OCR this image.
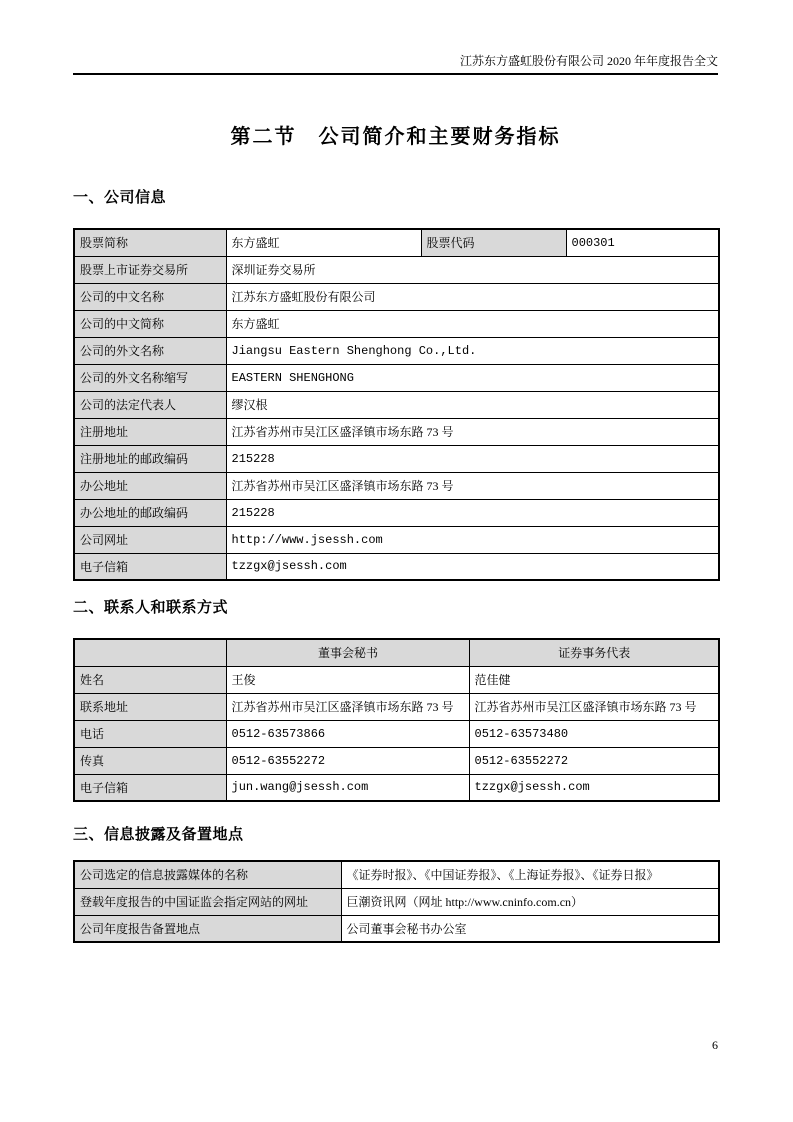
江苏东方盛虹股份有限公司 2020 年年度报告全文
第二节　公司简介和主要财务指标
一、公司信息
股票简称	东方盛虹	股票代码	000301
股票上市证券交易所	深圳证券交易所		
公司的中文名称	江苏东方盛虹股份有限公司		
公司的中文简称	东方盛虹		
公司的外文名称	Jiangsu Eastern Shenghong Co.,Ltd.		
公司的外文名称缩写	EASTERN SHENGHONG		
公司的法定代表人	缪汉根		
注册地址	江苏省苏州市吴江区盛泽镇市场东路 73 号		
注册地址的邮政编码	215228		
办公地址	江苏省苏州市吴江区盛泽镇市场东路 73 号		
办公地址的邮政编码	215228		
公司网址	http://www.jsessh.com		
电子信箱	tzzgx@jsessh.com		
二、联系人和联系方式
	董事会秘书	证券事务代表
姓名	王俊	范佳健
联系地址	江苏省苏州市吴江区盛泽镇市场东路 73 号	江苏省苏州市吴江区盛泽镇市场东路 73 号
电话	0512-63573866	0512-63573480
传真	0512-63552272	0512-63552272
电子信箱	jun.wang@jsessh.com	tzzgx@jsessh.com
三、信息披露及备置地点
公司选定的信息披露媒体的名称	《证券时报》、《中国证券报》、《上海证券报》、《证券日报》
登载年度报告的中国证监会指定网站的网址	巨潮资讯网（网址 http://www.cninfo.com.cn）
公司年度报告备置地点	公司董事会秘书办公室
6
